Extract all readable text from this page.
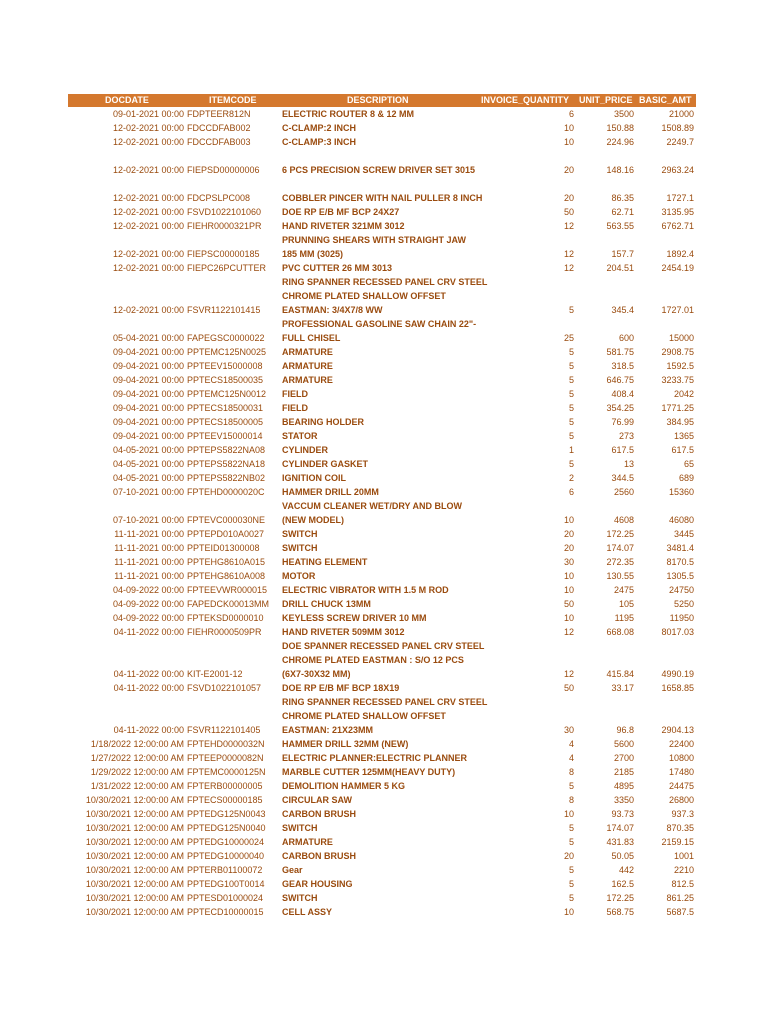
DOCDATE	ITEMCODE	DESCRIPTION	INVOICE_QUANTITY UNIT_PRICE BASIC_AMT
09-01-2021 00:00 FDPTEER812N	ELECTRIC ROUTER 8 & 12 MM	6	3500	21000
12-02-2021 00:00 FDCCDFAB002	C-CLAMP:2 INCH	10	150.88	1508.89
12-02-2021 00:00 FDCCDFAB003	C-CLAMP:3 INCH	10	224.96	2249.7
12-02-2021 00:00 FIEPSD00000006 6 PCS PRECISION SCREW DRIVER SET 3015	20	148.16	2963.24
12-02-2021 00:00 FDCPSLPC008	COBBLER PINCER WITH NAIL PULLER 8 INCH	20	86.35	1727.1
12-02-2021 00:00 FSVD1022101060 DOE RP E/B MF BCP 24X27	50	62.71	3135.95
12-02-2021 00:00 FIEHR0000321PR HAND RIVETER 321MM 3012	12	563.55	6762.71
PRUNNING SHEARS WITH STRAIGHT JAW
12-02-2021 00:00 FIEPSC00000185 185 MM (3025)	12	157.7	1892.4
12-02-2021 00:00 FIEPC26PCUTTER PVC CUTTER 26 MM 3013	12	204.51	2454.19
RING SPANNER RECESSED PANEL CRV STEEL
CHROME PLATED SHALLOW OFFSET
12-02-2021 00:00 FSVR1122101415 EASTMAN: 3/4X7/8 WW	5	345.4	1727.01
PROFESSIONAL GASOLINE SAW CHAIN 22"-
05-04-2021 00:00 FAPEGSC0000022 FULL CHISEL	25	600	15000
09-04-2021 00:00 PPTEMC125N0025 ARMATURE	5	581.75	2908.75
09-04-2021 00:00 PPTEEV15000008 ARMATURE	5	318.5	1592.5
09-04-2021 00:00 PPTECS18500035 ARMATURE	5	646.75	3233.75
09-04-2021 00:00 PPTEMC125N0012 FIELD	5	408.4	2042
09-04-2021 00:00 PPTECS18500031 FIELD	5	354.25	1771.25
09-04-2021 00:00 PPTECS18500005 BEARING HOLDER	5	76.99	384.95
09-04-2021 00:00 PPTEEV15000014 STATOR	5	273	1365
04-05-2021 00:00 PPTEPS5822NA08 CYLINDER	1	617.5	617.5
04-05-2021 00:00 PPTEPS5822NA18 CYLINDER GASKET	5	13	65
04-05-2021 00:00 PPTEPS5822NB02 IGNITION COIL	2	344.5	689
07-10-2021 00:00 FPTEHD0000020C HAMMER DRILL 20MM	6	2560	15360
VACCUM CLEANER WET/DRY AND BLOW
07-10-2021 00:00 FPTEVC000030NE (NEW MODEL)	10	4608	46080
11-11-2021 00:00 PPTEPD010A0027 SWITCH	20	172.25	3445
11-11-2021 00:00 PPTEID01300008 SWITCH	20	174.07	3481.4
11-11-2021 00:00 PPTEHG8610A015 HEATING ELEMENT	30	272.35	8170.5
11-11-2021 00:00 PPTEHG8610A008 MOTOR	10	130.55	1305.5
04-09-2022 00:00 FPTEEVWR000015 ELECTRIC VIBRATOR WITH 1.5 M ROD	10	2475	24750
04-09-2022 00:00 FAPEDCK00013MM DRILL CHUCK 13MM	50	105	5250
04-09-2022 00:00 FPTEKSD0000010 KEYLESS SCREW DRIVER 10 MM	10	1195	11950
04-11-2022 00:00 FIEHR0000509PR HAND RIVETER 509MM 3012	12	668.08	8017.03
DOE SPANNER RECESSED PANEL CRV STEEL
CHROME PLATED EASTMAN : S/O 12 PCS
04-11-2022 00:00 KIT-E2001-12	(6X7-30X32 MM)	12	415.84	4990.19
04-11-2022 00:00 FSVD1022101057 DOE RP E/B MF BCP 18X19	50	33.17	1658.85
RING SPANNER RECESSED PANEL CRV STEEL
CHROME PLATED SHALLOW OFFSET
04-11-2022 00:00 FSVR1122101405 EASTMAN: 21X23MM	30	96.8	2904.13
1/18/2022 12:00:00 AM FPTEHD0000032N HAMMER DRILL 32MM (NEW)	4	5600	22400
1/27/2022 12:00:00 AM FPTEEP0000082N ELECTRIC PLANNER:ELECTRIC PLANNER	4	2700	10800
1/29/2022 12:00:00 AM FPTEMC0000125N MARBLE CUTTER 125MM(HEAVY DUTY)	8	2185	17480
1/31/2022 12:00:00 AM FPTERB00000005 DEMOLITION HAMMER 5 KG	5	4895	24475
10/30/2021 12:00:00 AM FPTECS00000185 CIRCULAR SAW	8	3350	26800
10/30/2021 12:00:00 AM PPTEDG125N0043 CARBON BRUSH	10	93.73	937.3
10/30/2021 12:00:00 AM PPTEDG125N0040 SWITCH	5	174.07	870.35
10/30/2021 12:00:00 AM PPTEDG10000024 ARMATURE	5	431.83	2159.15
10/30/2021 12:00:00 AM PPTEDG10000040 CARBON BRUSH	20	50.05	1001
10/30/2021 12:00:00 AM PPTERB01100072 Gear	5	442	2210
10/30/2021 12:00:00 AM PPTEDG100T0014 GEAR HOUSING	5	162.5	812.5
10/30/2021 12:00:00 AM PPTESD01000024 SWITCH	5	172.25	861.25
10/30/2021 12:00:00 AM PPTECD10000015 CELL ASSY	10	568.75	5687.5
